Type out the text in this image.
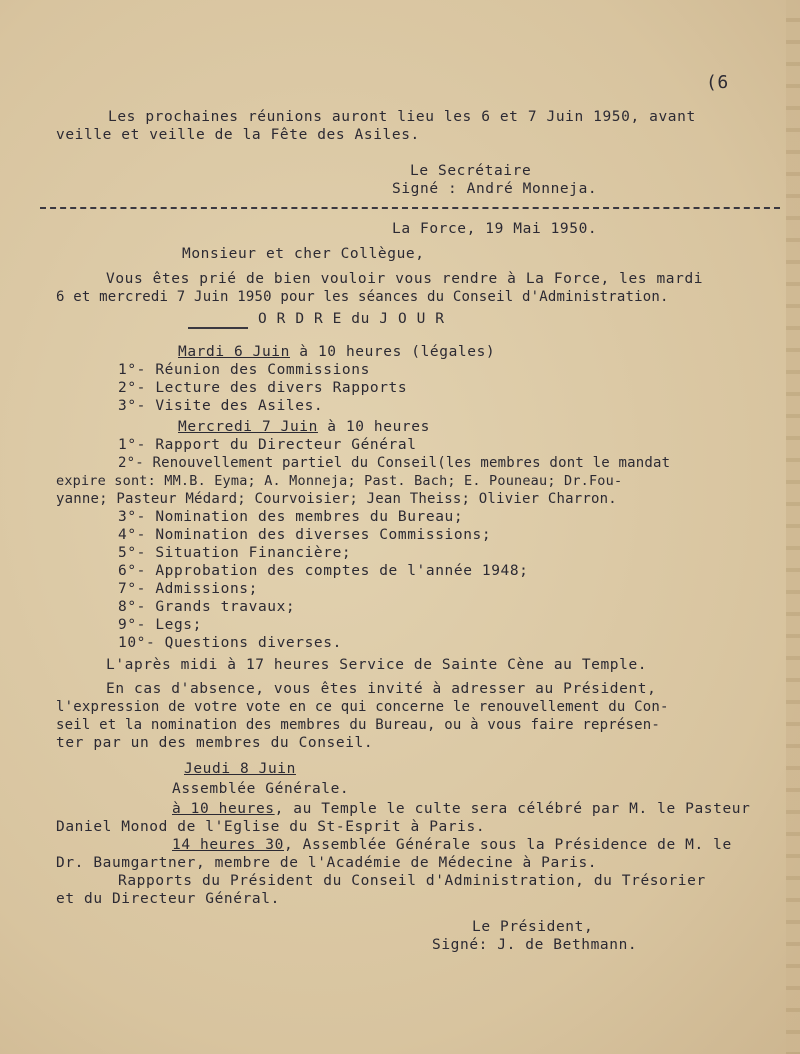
(6
Les prochaines réunions auront lieu les 6 et 7 Juin 1950, avant
veille et veille de la Fête des Asiles.
Le Secrétaire
Signé : André Monneja.
La Force, 19 Mai 1950.
Monsieur et cher Collègue,
Vous êtes prié de bien vouloir vous rendre à La Force, les mardi
6 et mercredi 7 Juin 1950 pour les séances du Conseil d'Administration.
O R D R E du J O U R
Mardi 6 Juin à 10 heures (légales)
1°- Réunion des Commissions
2°- Lecture des divers Rapports
3°- Visite des Asiles.
Mercredi 7 Juin à 10 heures
1°- Rapport du Directeur Général
2°- Renouvellement partiel du Conseil(les membres dont le mandat
expire sont: MM.B. Eyma; A. Monneja; Past. Bach; E. Pouneau; Dr.Fou-
yanne; Pasteur Médard; Courvoisier; Jean Theiss; Olivier Charron.
3°- Nomination des membres du Bureau;
4°- Nomination des diverses Commissions;
5°- Situation Financière;
6°- Approbation des comptes de l'année 1948;
7°- Admissions;
8°- Grands travaux;
9°- Legs;
10°- Questions diverses.
L'après midi à 17 heures Service de Sainte Cène au Temple.
En cas d'absence, vous êtes invité à adresser au Président,
l'expression de votre vote en ce qui concerne le renouvellement du Con-
seil et la nomination des membres du Bureau, ou à vous faire représen-
ter par un des membres du Conseil.
Jeudi 8 Juin
Assemblée Générale.
à 10 heures, au Temple le culte sera célébré par M. le Pasteur
Daniel Monod de l'Eglise du St-Esprit à Paris.
14 heures 30, Assemblée Générale sous la Présidence de M. le
Dr. Baumgartner, membre de l'Académie de Médecine à Paris.
Rapports du Président du Conseil d'Administration, du Trésorier
et du Directeur Général.
Le Président,
Signé: J. de Bethmann.
